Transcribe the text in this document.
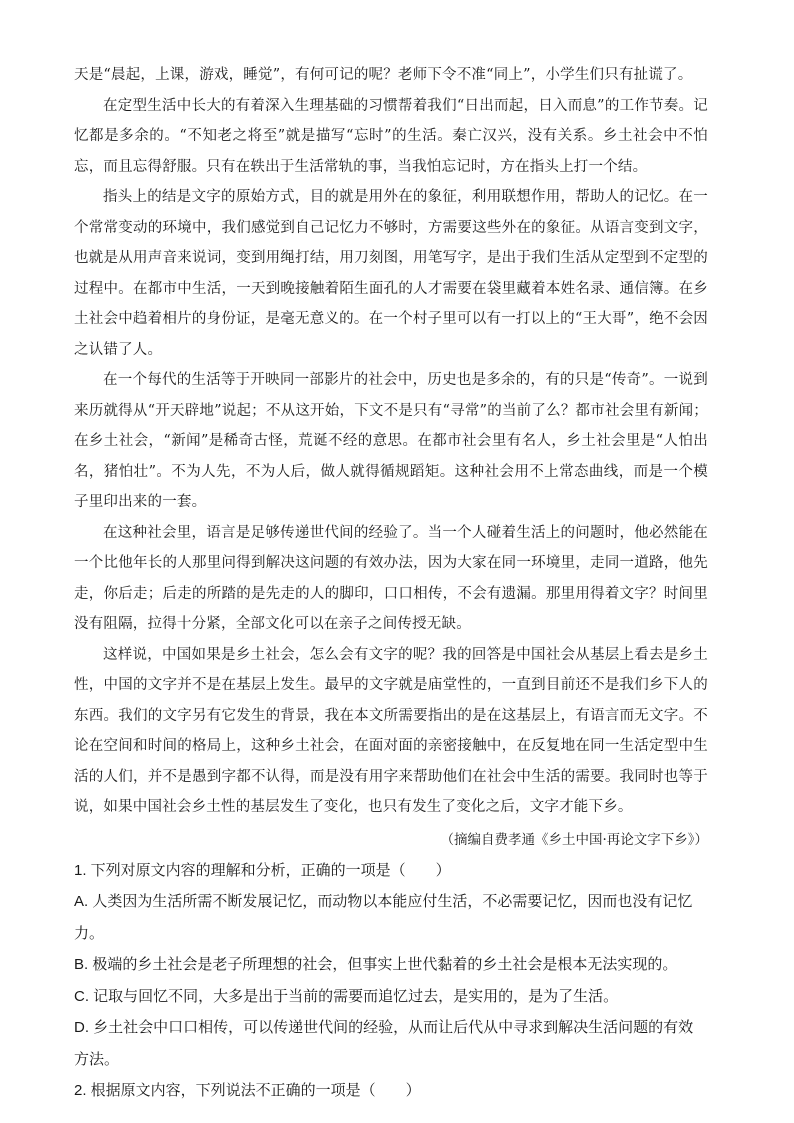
天是“晨起，上课，游戏，睡觉”，有何可记的呢？老师下令不准“同上”，小学生们只有扯谎了。

在定型生活中长大的有着深入生理基础的习惯帮着我们“日出而起，日入而息”的工作节奏。记忆都是多余的。“不知老之将至”就是描写“忘时”的生活。秦亡汉兴，没有关系。乡土社会中不怕忘，而且忘得舒服。只有在轶出于生活常轨的事，当我怕忘记时，方在指头上打一个结。

指头上的结是文字的原始方式，目的就是用外在的象征，利用联想作用，帮助人的记忆。在一个常常变动的环境中，我们感觉到自己记忆力不够时，方需要这些外在的象征。从语言变到文字，也就是从用声音来说词，变到用绳打结，用刀刻图，用笔写字，是出于我们生活从定型到不定型的过程中。在都市中生活，一天到晚接触着陌生面孔的人才需要在袋里藏着本姓名录、通信簿。在乡土社会中趋着相片的身份证，是毫无意义的。在一个村子里可以有一打以上的“王大哥”，绝不会因之认错了人。

在一个每代的生活等于开映同一部影片的社会中，历史也是多余的，有的只是“传奇”。一说到来历就得从“开天辟地”说起；不从这开始，下文不是只有“寻常”的当前了么？都市社会里有新闻；在乡土社会，“新闻”是稀奇古怪，荒诞不经的意思。在都市社会里有名人，乡土社会里是“人怕出名，猪怕壮”。不为人先，不为人后，做人就得循规蹈矩。这种社会用不上常态曲线，而是一个模子里印出来的一套。

在这种社会里，语言是足够传递世代间的经验了。当一个人碰着生活上的问题时，他必然能在一个比他年长的人那里问得到解决这问题的有效办法，因为大家在同一环境里，走同一道路，他先走，你后走；后走的所踏的是先走的人的脚印，口口相传，不会有遗漏。那里用得着文字？时间里没有阻隔，拉得十分紧，全部文化可以在亲子之间传授无缺。

这样说，中国如果是乡土社会，怎么会有文字的呢？我的回答是中国社会从基层上看去是乡土性，中国的文字并不是在基层上发生。最早的文字就是庙堂性的，一直到目前还不是我们乡下人的东西。我们的文字另有它发生的背景，我在本文所需要指出的是在这基层上，有语言而无文字。不论在空间和时间的格局上，这种乡土社会，在面对面的亲密接触中，在反复地在同一生活定型中生活的人们，并不是愚到字都不认得，而是没有用字来帮助他们在社会中生活的需要。我同时也等于说，如果中国社会乡土性的基层发生了变化，也只有发生了变化之后，文字才能下乡。

（摘编自费孝通《乡土中国·再论文字下乡》）

1. 下列对原文内容的理解和分析，正确的一项是（　　）

A. 人类因为生活所需不断发展记忆，而动物以本能应付生活，不必需要记忆，因而也没有记忆力。

B. 极端的乡土社会是老子所理想的社会，但事实上世代黏着的乡土社会是根本无法实现的。

C. 记取与回忆不同，大多是出于当前的需要而追忆过去，是实用的，是为了生活。

D. 乡土社会中口口相传，可以传递世代间的经验，从而让后代从中寻求到解决生活问题的有效方法。

2. 根据原文内容，下列说法不正确的一项是（　　）
